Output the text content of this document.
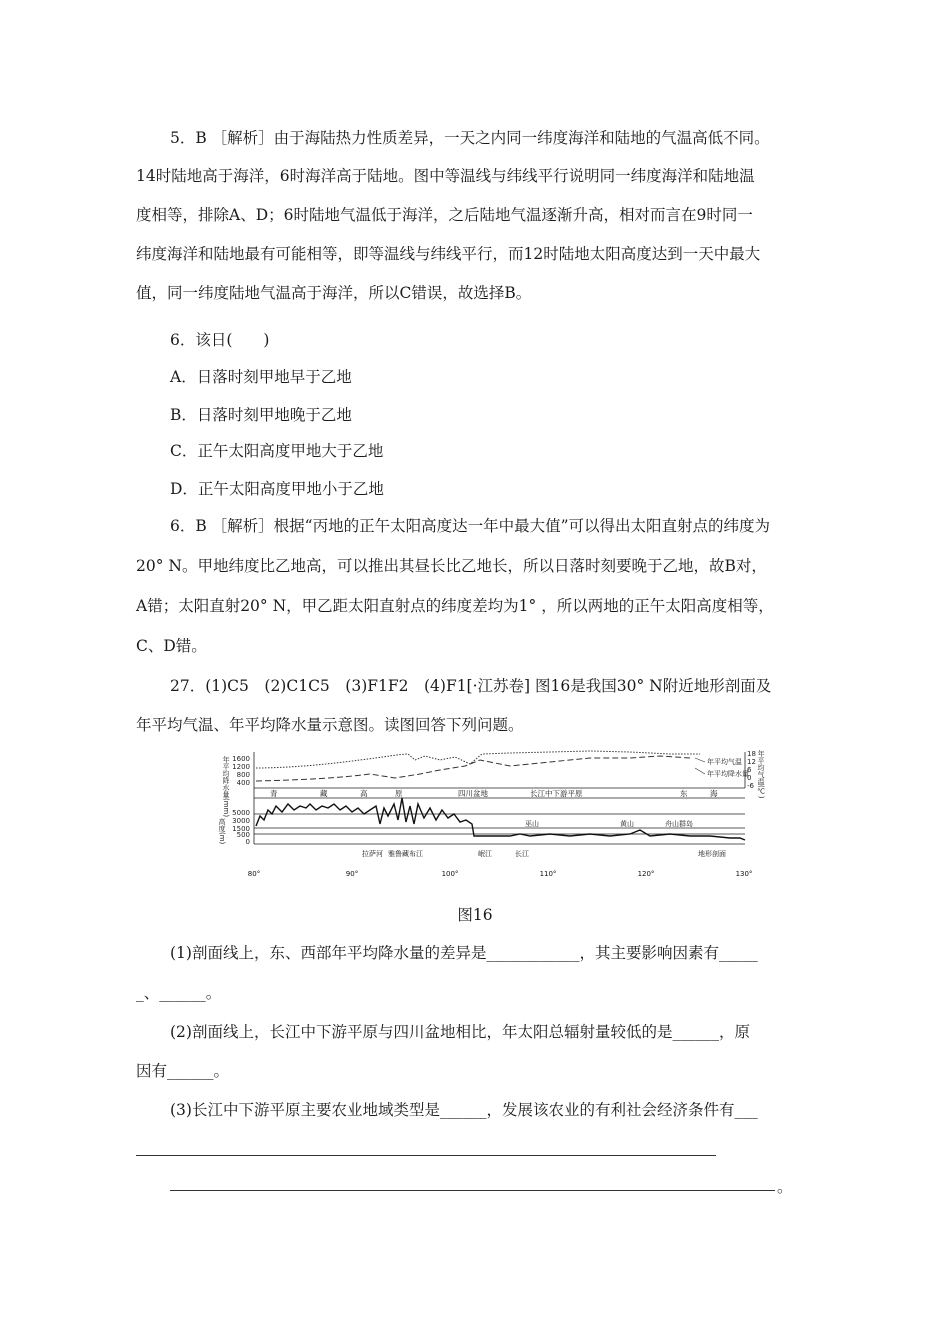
5．B ［解析］由于海陆热力性质差异，一天之内同一纬度海洋和陆地的气温高低不同。
14时陆地高于海洋，6时海洋高于陆地。图中等温线与纬线平行说明同一纬度海洋和陆地温
度相等，排除A、D；6时陆地气温低于海洋，之后陆地气温逐渐升高，相对而言在9时同一
纬度海洋和陆地最有可能相等，即等温线与纬线平行，而12时陆地太阳高度达到一天中最大
值，同一纬度陆地气温高于海洋，所以C错误，故选择B。
6．该日(　　)
A．日落时刻甲地早于乙地
B．日落时刻甲地晚于乙地
C．正午太阳高度甲地大于乙地
D．正午太阳高度甲地小于乙地
6．B ［解析］根据“丙地的正午太阳高度达一年中最大值”可以得出太阳直射点的纬度为
20° N。甲地纬度比乙地高，可以推出其昼长比乙地长，所以日落时刻要晚于乙地，故B对，
A错；太阳直射20° N，甲乙距太阳直射点的纬度差均为1° ，所以两地的正午太阳高度相等，
C、D错。
27．(1)C5　(2)C1C5　(3)F1F2　(4)F1[·江苏卷] 图16是我国30° N附近地形剖面及
年平均气温、年平均降水量示意图。读图回答下列问题。
年平均降水量(mm)
高度(m)
1600
1200
800
400
5000
3000
1500
500
0
年平均气温
年平均降水量
18
12
6
0
-6 年平均气温(℃)
青	藏	高	原	四川盆地	长江中下游平原	东	海
巫山	黄山	舟山群岛
拉萨河 雅鲁藏布江	岷江	长江	地形剖面
80°	90°	100°	110°	120°	130°
图16
(1)剖面线上，东、西部年平均降水量的差异是____________，其主要影响因素有_____
_、______。
(2)剖面线上，长江中下游平原与四川盆地相比，年太阳总辐射量较低的是______，原
因有______。
(3)长江中下游平原主要农业地域类型是______，发展该农业的有利社会经济条件有___
。
